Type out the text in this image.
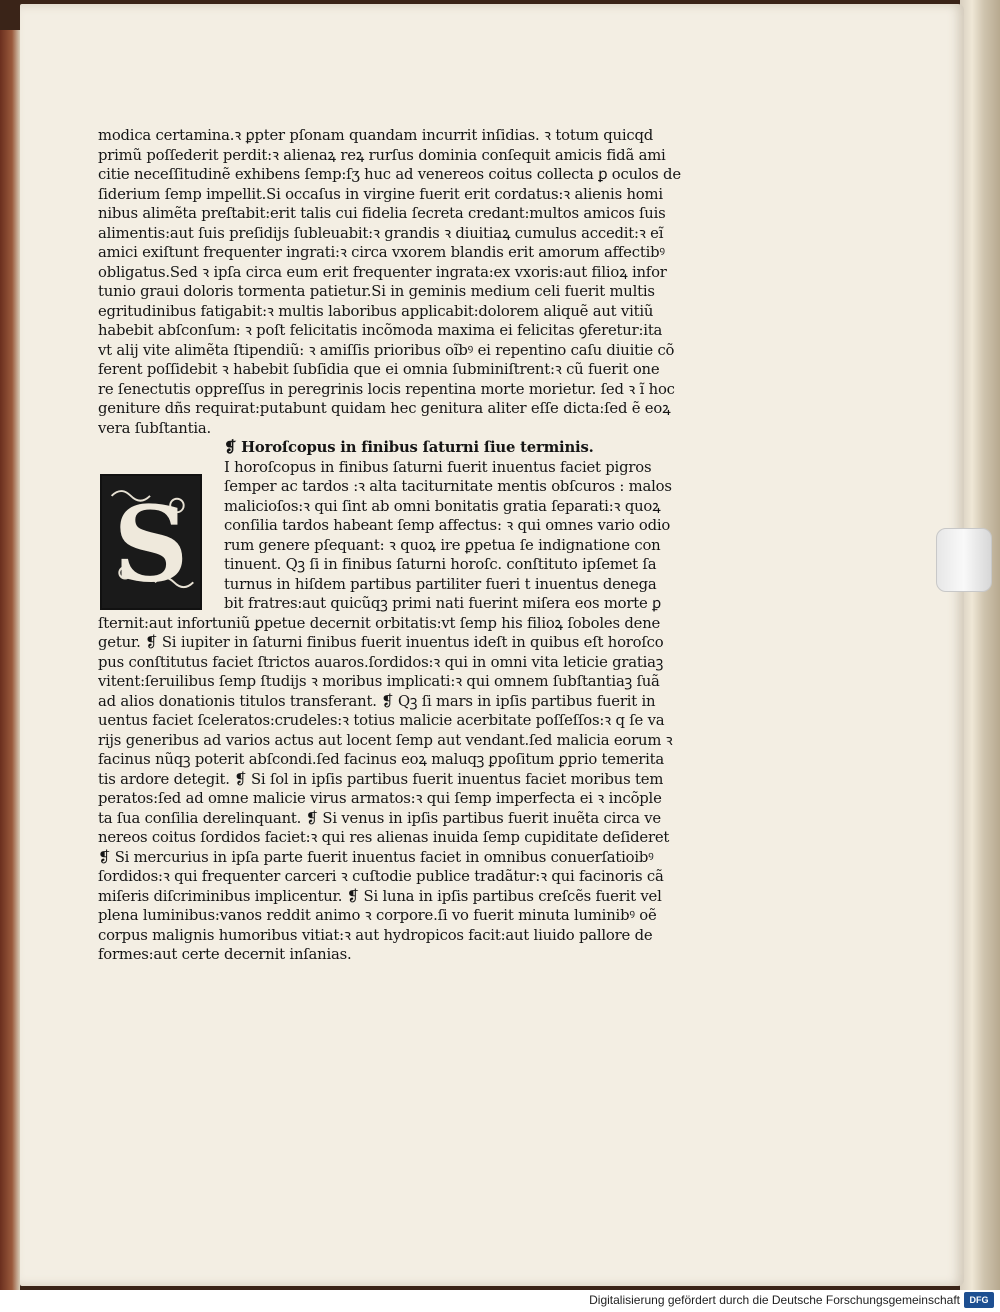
modica certamina.ꝛ ꝑpter pſonam quandam incurrit inſidias. ꝛ totum quicqd
primũ poſſederit perdit:ꝛ alienaꝝ reꝝ rurſus dominia conſequit amicis fidã ami
citie neceſſitudinẽ exhibens ſemp:ſʒ huc ad venereos coitus collecta ꝑ oculos de
ſiderium ſemp impellit.Si occaſus in virgine fuerit erit cordatus:ꝛ alienis homi
nibus alimẽta preſtabit:erit talis cui fidelia ſecreta credant:multos amicos ſuis
alimentis:aut ſuis preſidijs ſubleuabit:ꝛ grandis ꝛ diuitiaꝝ cumulus accedit:ꝛ eĩ
amici exiſtunt frequenter ingrati:ꝛ circa vxorem blandis erit amorum affectibꝰ
obligatus.Sed ꝛ ipſa circa eum erit frequenter ingrata:ex vxoris:aut filioꝝ infor
tunio graui doloris tormenta patietur.Si in geminis medium celi fuerit multis
egritudinibus fatigabit:ꝛ multis laboribus applicabit:dolorem aliquẽ aut vitiũ
habebit abſconſum: ꝛ poſt felicitatis incõmoda maxima ei felicitas ꝯferetur:ita
vt alij vite alimẽta ſtipendiũ: ꝛ amiſſis prioribus oĩbꝰ ei repentino caſu diuitie cõ
ferent poſſidebit ꝛ habebit ſubſidia que ei omnia ſubminiſtrent:ꝛ cũ fuerit one
re ſenectutis oppreſſus in peregrinis locis repentina morte morietur. ſed ꝛ ĩ hoc
geniture dñs requirat:putabunt quidam hec genitura aliter eſſe dicta:ſed ẽ eoꝝ
vera ſubſtantia.
❡ Horoſcopus in finibus ſaturni ſiue terminis.
I horoſcopus in finibus ſaturni fuerit inuentus faciet pigros
ſemper ac tardos :ꝛ alta taciturnitate mentis obſcuros : malos
malicioſos:ꝛ qui ſint ab omni bonitatis gratia ſeparati:ꝛ quoꝝ
conſilia tardos habeant ſemp affectus: ꝛ qui omnes vario odio
rum genere pſequant: ꝛ quoꝝ ire ꝑpetua ſe indignatione con
tinuent. Qꝫ ſi in finibus ſaturni horoſc. conſtituto ipſemet ſa
turnus in hiſdem partibus partiliter fueri t inuentus denega
bit fratres:aut quicũqꝫ primi nati fuerint miſera eos morte ꝑ
ſternit:aut infortuniũ ꝑpetue decernit orbitatis:vt ſemp his filioꝝ ſoboles dene
getur. ❡ Si iupiter in ſaturni finibus fuerit inuentus ideſt in quibus eſt horoſco
pus conſtitutus faciet ſtrictos auaros.ſordidos:ꝛ qui in omni vita leticie gratiaꝫ
vitent:ſeruilibus ſemp ſtudijs ꝛ moribus implicati:ꝛ qui omnem ſubſtantiaꝫ ſuã
ad alios donationis titulos transferant. ❡ Qꝫ ſi mars in ipſis partibus fuerit in
uentus faciet ſceleratos:crudeles:ꝛ totius malicie acerbitate poſſeſſos:ꝛ q ſe va
rijs generibus ad varios actus aut locent ſemp aut vendant.ſed malicia eorum ꝛ
facinus nũqꝫ poterit abſcondi.ſed facinus eoꝝ maluqꝫ ꝑpoſitum ꝑprio temerita
tis ardore detegit. ❡ Si ſol in ipſis partibus fuerit inuentus faciet moribus tem
peratos:ſed ad omne malicie virus armatos:ꝛ qui ſemp imperfecta ei ꝛ incõple
ta ſua conſilia derelinquant. ❡ Si venus in ipſis partibus fuerit inuẽta circa ve
nereos coitus ſordidos faciet:ꝛ qui res alienas inuida ſemp cupiditate deſideret
❡ Si mercurius in ipſa parte fuerit inuentus faciet in omnibus conuerſatioibꝰ
ſordidos:ꝛ qui frequenter carceri ꝛ cuſtodie publice tradãtur:ꝛ qui facinoris cã
miſeris diſcriminibus implicentur. ❡ Si luna in ipſis partibus creſcẽs fuerit vel
plena luminibus:vanos reddit animo ꝛ corpore.ſi vo fuerit minuta luminibꝰ oẽ
corpus malignis humoribus vitiat:ꝛ aut hydropicos facit:aut liuido pallore de
formes:aut certe decernit inſanias.
S
Digitalisierung gefördert durch die Deutsche Forschungsgemeinschaft	DFG
